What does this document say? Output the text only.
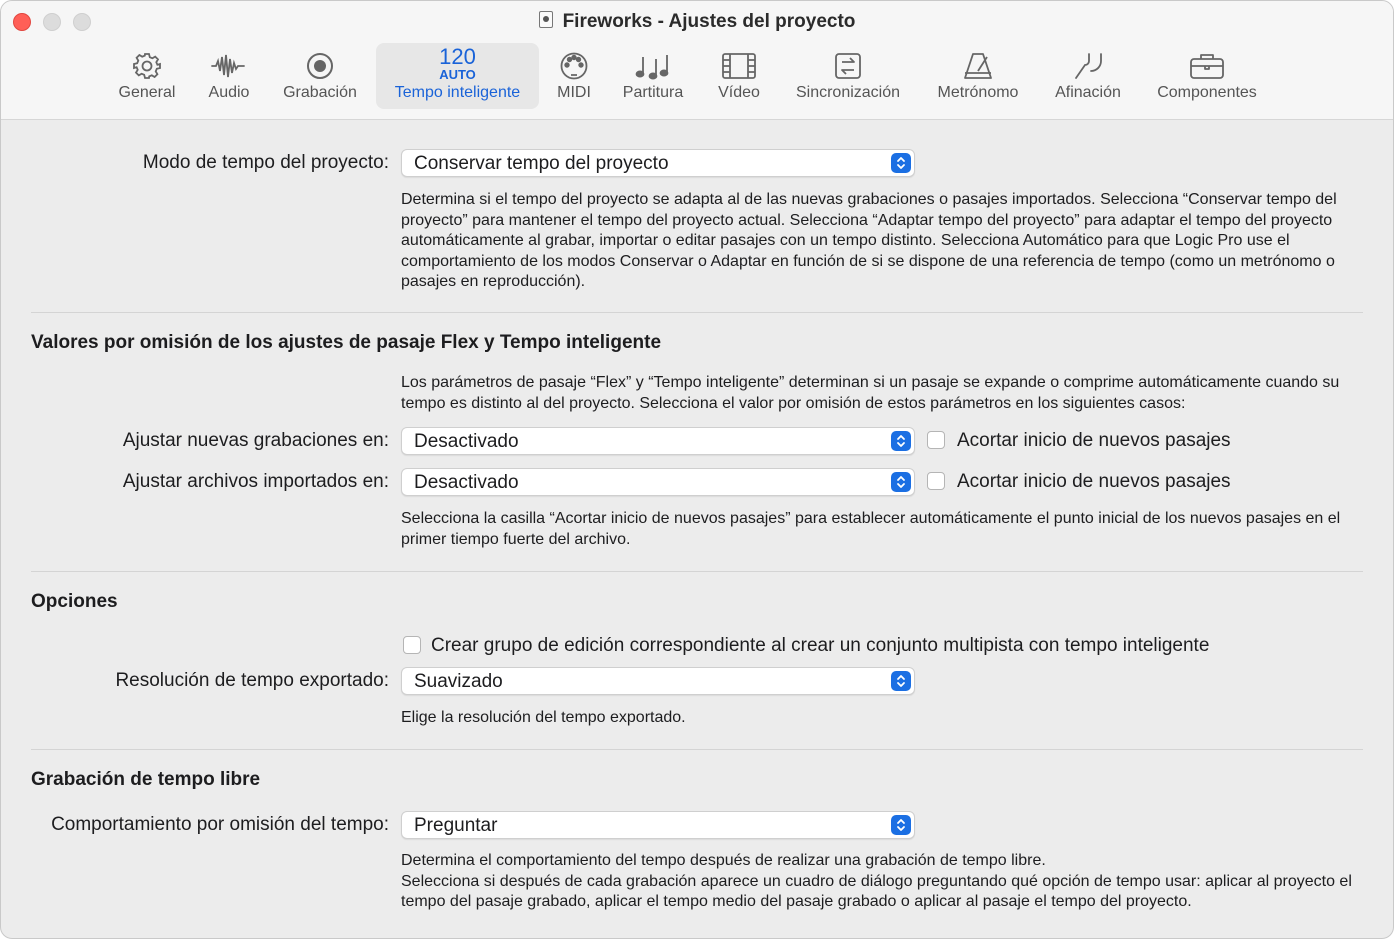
Fireworks - Ajustes del proyecto
General	Audio	Grabación
120
AUTO
Tempo inteligente	MIDI	Partitura	Vídeo	Sincronización	Metrónomo	Afinación	Componentes
Modo de tempo del proyecto: Conservar tempo del proyecto
Determina si el tempo del proyecto se adapta al de las nuevas grabaciones o pasajes importados. Selecciona “Conservar tempo del proyecto” para mantener el tempo del proyecto actual. Selecciona “Adaptar tempo del proyecto” para adaptar el tempo del proyecto automáticamente al grabar, importar o editar pasajes con un tempo distinto. Selecciona Automático para que Logic Pro use el comportamiento de los modos Conservar o Adaptar en función de si se dispone de una referencia de tempo (como un metrónomo o pasajes en reproducción).
Valores por omisión de los ajustes de pasaje Flex y Tempo inteligente
Los parámetros de pasaje “Flex” y “Tempo inteligente” determinan si un pasaje se expande o comprime automáticamente cuando su tempo es distinto al del proyecto. Selecciona el valor por omisión de estos parámetros en los siguientes casos:
Ajustar nuevas grabaciones en: Desactivado	Acortar inicio de nuevos pasajes
Ajustar archivos importados en: Desactivado	Acortar inicio de nuevos pasajes
Selecciona la casilla “Acortar inicio de nuevos pasajes” para establecer automáticamente el punto inicial de los nuevos pasajes en el primer tiempo fuerte del archivo.
Opciones
Crear grupo de edición correspondiente al crear un conjunto multipista con tempo inteligente
Resolución de tempo exportado: Suavizado
Elige la resolución del tempo exportado.
Grabación de tempo libre
Comportamiento por omisión del tempo: Preguntar
Determina el comportamiento del tempo después de realizar una grabación de tempo libre.
Selecciona si después de cada grabación aparece un cuadro de diálogo preguntando qué opción de tempo usar: aplicar al proyecto el tempo del pasaje grabado, aplicar el tempo medio del pasaje grabado o aplicar al pasaje el tempo del proyecto.
